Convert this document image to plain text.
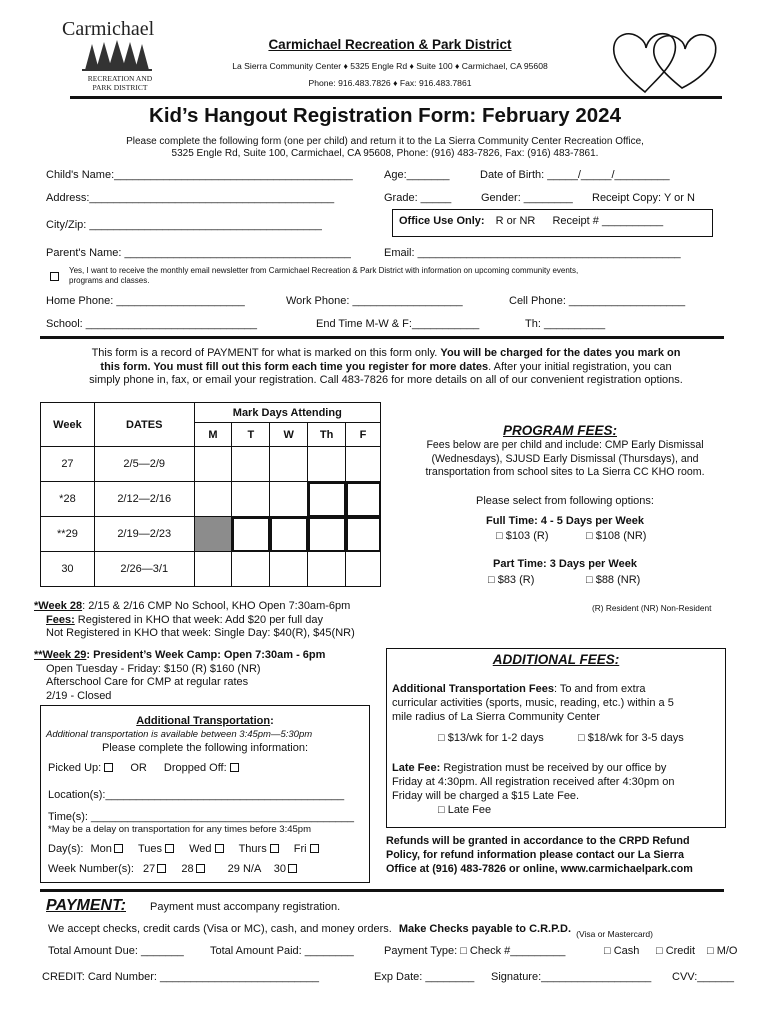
Carmichael
RECREATION AND
PARK DISTRICT
Carmichael Recreation & Park District
La Sierra Community Center ♦ 5325 Engle Rd ♦ Suite 100 ♦ Carmichael, CA 95608
Phone: 916.483.7826 ♦ Fax: 916.483.7861
Kid’s Hangout Registration Form: February 2024
Please complete the following form (one per child) and return it to the La Sierra Community Center Recreation Office,
5325 Engle Rd, Suite 100, Carmichael, CA 95608, Phone: (916) 483-7826, Fax: (916) 483-7861.
Child's Name:_______________________________________	Age:_______	Date of Birth: _____/_____/_________
Address:________________________________________	Grade: _____	Gender: ________ Receipt Copy: Y or N
City/Zip: ______________________________________	Office Use Only: R or NR Receipt # __________
Parent's Name: _____________________________________	Email: ___________________________________________
Yes, I want to receive the monthly email newsletter from Carmichael Recreation & Park District with information on upcoming community events,
programs and classes.
Home Phone: _____________________	Work Phone: __________________	Cell Phone: ___________________
School: ____________________________	End Time M-W & F:___________	Th: __________
This form is a record of PAYMENT for what is marked on this form only. You will be charged for the dates you mark on
this form. You must fill out this form each time you register for more dates. After your initial registration, you can
simply phone in, fax, or email your registration. Call 483-7826 for more details on all of our convenient registration options.
Week	DATES	Mark Days Attending				
		M	T	W	Th	F
27	2/5—2/9					
*28	2/12—2/16					
**29	2/19—2/23					
30	2/26—3/1					
PROGRAM FEES:
Fees below are per child and include: CMP Early Dismissal
(Wednesdays), SJUSD Early Dismissal (Thursdays), and
transportation from school sites to La Sierra CC KHO room.
Please select from following options:
Full Time: 4 - 5 Days per Week
□ $103 (R)	□ $108 (NR)
Part Time: 3 Days per Week
□ $83 (R)	□ $88 (NR)
(R) Resident (NR) Non-Resident
*Week 28: 2/15 & 2/16 CMP No School, KHO Open 7:30am-6pm
Fees: Registered in KHO that week: Add $20 per full day
Not Registered in KHO that week: Single Day: $40(R), $45(NR)
**Week 29: President’s Week Camp: Open 7:30am - 6pm
Open Tuesday - Friday: $150 (R) $160 (NR)
Afterschool Care for CMP at regular rates
2/19 - Closed
ADDITIONAL FEES:
Additional Transportation Fees: To and from extra
curricular activities (sports, music, reading, etc.) within a 5
mile radius of La Sierra Community Center
□ $13/wk for 1-2 days	□ $18/wk for 3-5 days
Late Fee: Registration must be received by our office by
Friday at 4:30pm. All registration received after 4:30pm on
Friday will be charged a $15 Late Fee.
□ Late Fee
Refunds will be granted in accordance to the CRPD Refund
Policy, for refund information please contact our La Sierra
Office at (916) 483-7826 or online, www.carmichaelpark.com
Additional Transportation:
Additional transportation is available between 3:45pm—5:30pm
Please complete the following information:
Picked Up:	OR Dropped Off:
Location(s):_______________________________________
Time(s): ___________________________________________
*May be a delay on transportation for any times before 3:45pm
Day(s): Mon Tues Wed Thurs Fri
Week Number(s): 27 28	29 N/A 30
PAYMENT: Payment must accompany registration.
We accept checks, credit cards (Visa or MC), cash, and money orders. Make Checks payable to C.R.P.D. $_{(Visa or Mastercard)}$
Total Amount Due: _______ Total Amount Paid: ________	Payment Type: □ Check #_________	□ Cash □ Credit □ M/O
CREDIT: Card Number: __________________________	Exp Date: ________ Signature:__________________ CVV:______
